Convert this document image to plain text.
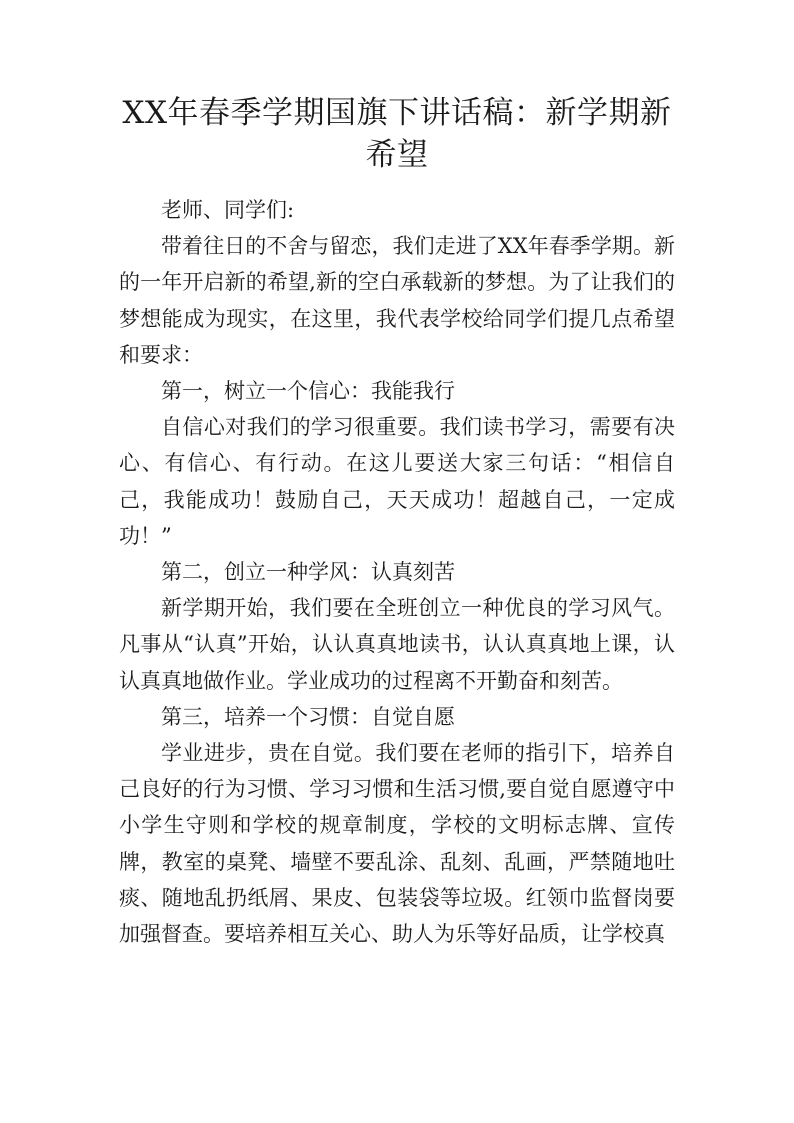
XX年春季学期国旗下讲话稿：新学期新
希望

老师、同学们:

带着往日的不舍与留恋，我们走进了XX年春季学期。新的一年开启新的希望,新的空白承载新的梦想。为了让我们的梦想能成为现实，在这里，我代表学校给同学们提几点希望和要求：

第一，树立一个信心：我能我行

自信心对我们的学习很重要。我们读书学习，需要有决心、有信心、有行动。在这儿要送大家三句话：“相信自己，我能成功！鼓励自己，天天成功！超越自己，一定成功！”

第二，创立一种学风：认真刻苦

新学期开始，我们要在全班创立一种优良的学习风气。凡事从“认真”开始，认认真真地读书，认认真真地上课，认认真真地做作业。学业成功的过程离不开勤奋和刻苦。

第三，培养一个习惯：自觉自愿

学业进步，贵在自觉。我们要在老师的指引下，培养自己良好的行为习惯、学习习惯和生活习惯,要自觉自愿遵守中小学生守则和学校的规章制度，学校的文明标志牌、宣传牌，教室的桌凳、墙壁不要乱涂、乱刻、乱画，严禁随地吐痰、随地乱扔纸屑、果皮、包装袋等垃圾。红领巾监督岗要加强督查。要培养相互关心、助人为乐等好品质，让学校真
